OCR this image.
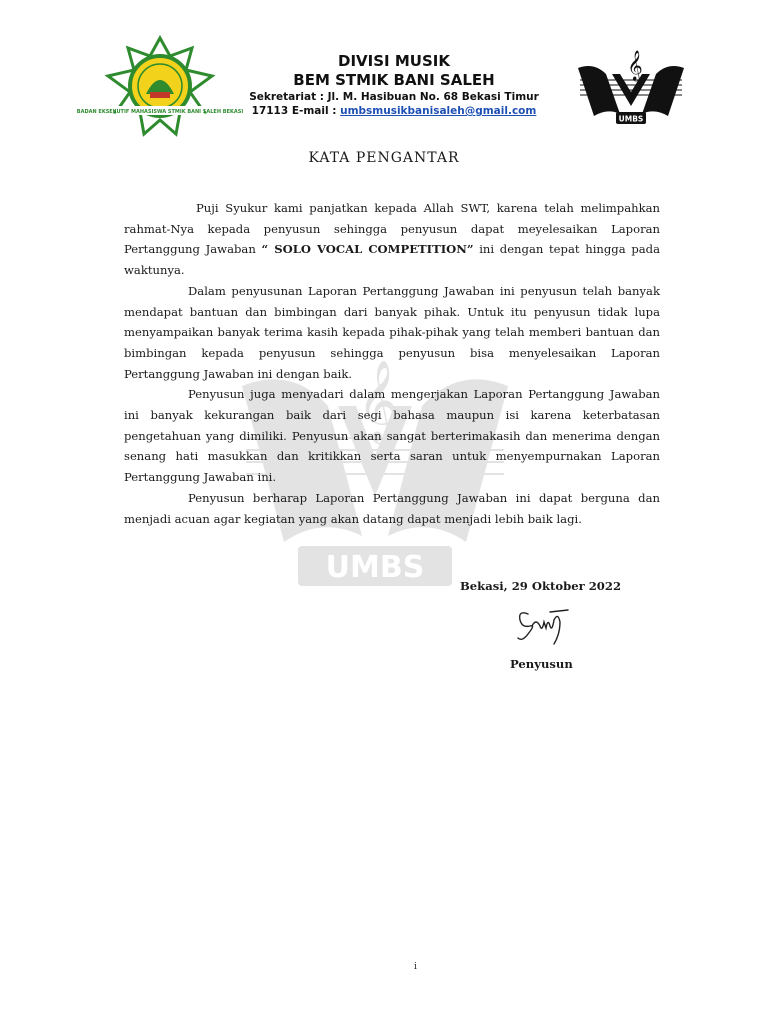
BADAN EKSEKUTIF MAHASISWA STMIK BANI SALEH BEKASI
DIVISI MUSIK
BEM STMIK BANI SALEH
Sekretariat : Jl. M. Hasibuan No. 68 Bekasi Timur
17113 E-mail : umbsmusikbanisaleh@gmail.com
𝄞
UMBS
𝄞
UMBS
KATA PENGANTAR

Puji Syukur kami panjatkan kepada Allah SWT, karena telah melimpahkan rahmat-Nya kepada penyusun sehingga penyusun dapat meyelesaikan Laporan Pertanggung Jawaban “ SOLO VOCAL COMPETITION” ini dengan tepat hingga pada waktunya.

Dalam penyusunan Laporan Pertanggung Jawaban ini penyusun telah banyak mendapat bantuan dan bimbingan dari banyak pihak. Untuk itu penyusun tidak lupa menyampaikan banyak terima kasih kepada pihak-pihak yang telah memberi bantuan dan bimbingan kepada penyusun sehingga penyusun bisa menyelesaikan Laporan Pertanggung Jawaban ini dengan baik.

Penyusun juga menyadari dalam mengerjakan Laporan Pertanggung Jawaban ini banyak kekurangan baik dari segi bahasa maupun isi karena keterbatasan pengetahuan yang dimiliki. Penyusun akan sangat berterimakasih dan menerima dengan senang hati masukkan dan kritikkan serta saran untuk menyempurnakan Laporan Pertanggung Jawaban ini.

Penyusun berharap Laporan Pertanggung Jawaban ini dapat berguna dan menjadi acuan agar kegiatan yang akan datang dapat menjadi lebih baik lagi.

Bekasi, 29 Oktober 2022
Penyusun
i
